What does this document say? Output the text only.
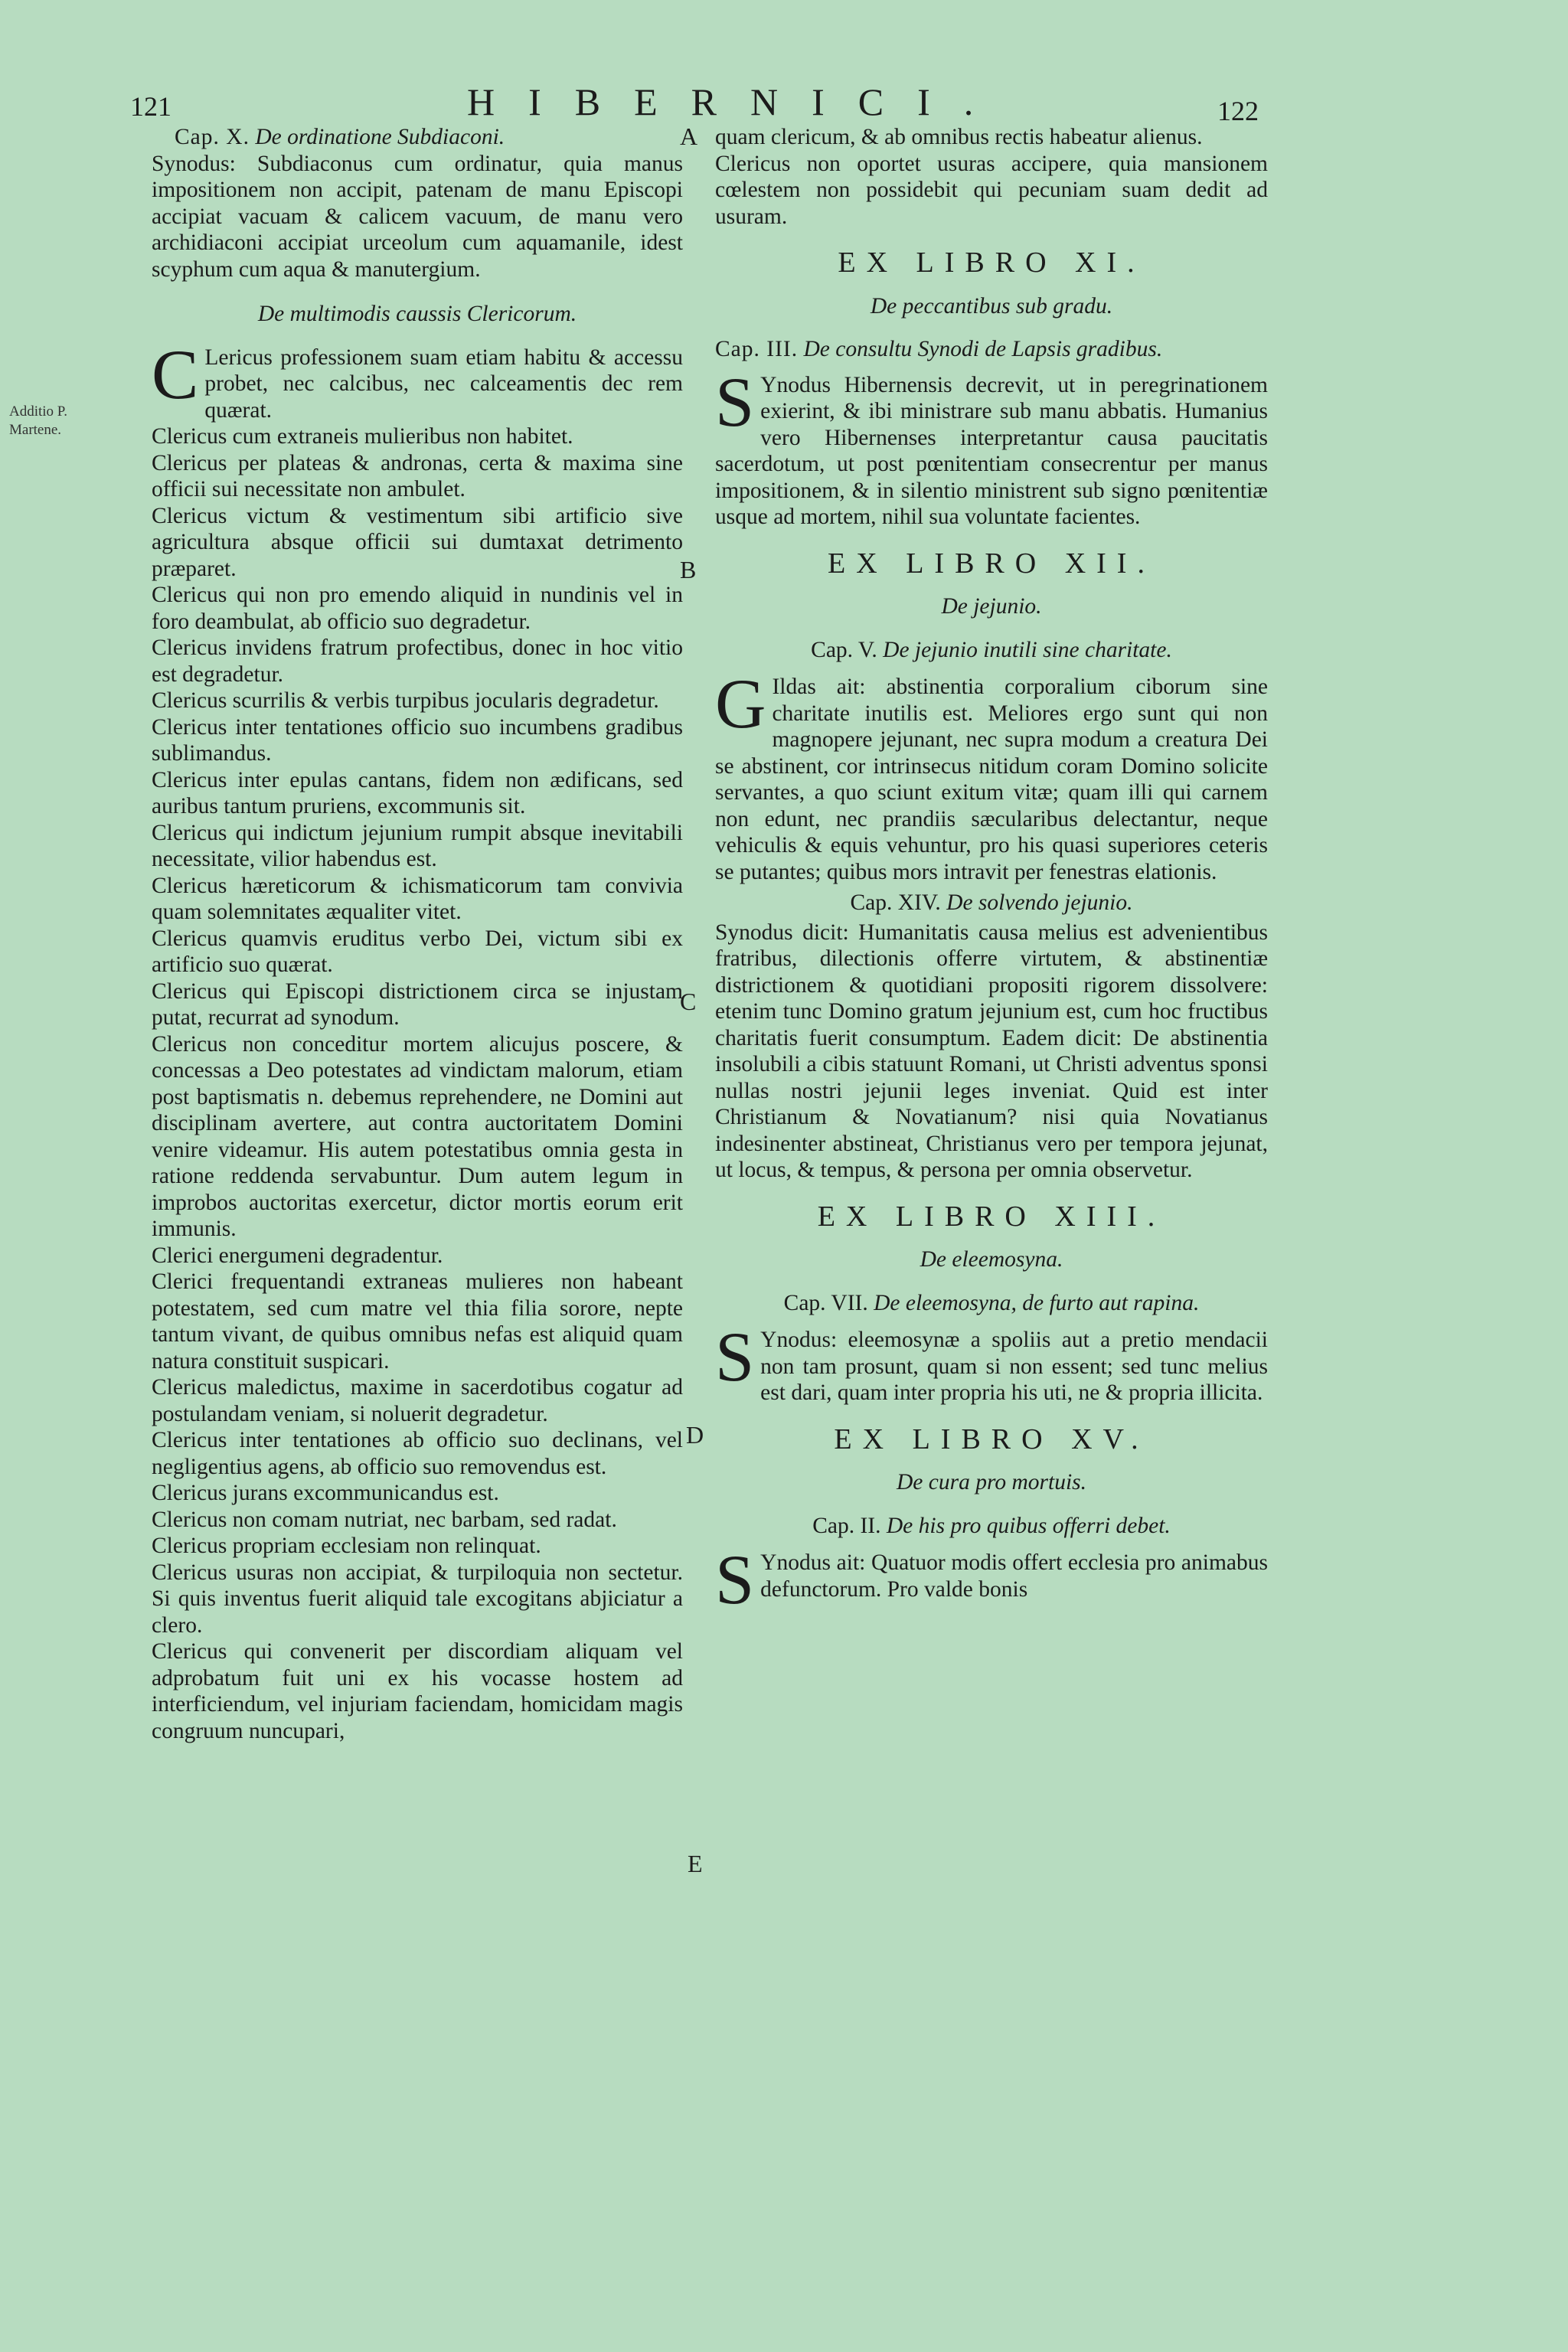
121	HIBERNICI.	122
Additio P. Martene.
A
B
C
D
E
Cap. X. De ordinatione Subdiaconi.

Synodus: Subdiaconus cum ordinatur, quia manus impositionem non accipit, patenam de manu Episcopi accipiat vacuam & calicem vacuum, de manu vero archidiaconi accipiat urceolum cum aquamanile, idest scyphum cum aqua & manutergium.

De multimodis caussis Clericorum.

C Lericus professionem suam etiam habitu & accessu probet, nec calcibus, nec calceamentis dec rem quærat.

Clericus cum extraneis mulieribus non habitet.

Clericus per plateas & andronas, certa & maxima sine officii sui necessitate non ambulet.

Clericus victum & vestimentum sibi artificio sive agricultura absque officii sui dumtaxat detrimento præparet.

Clericus qui non pro emendo aliquid in nundinis vel in foro deambulat, ab officio suo degradetur.

Clericus invidens fratrum profectibus, donec in hoc vitio est degradetur.

Clericus scurrilis & verbis turpibus jocularis degradetur.

Clericus inter tentationes officio suo incumbens gradibus sublimandus.

Clericus inter epulas cantans, fidem non ædificans, sed auribus tantum pruriens, excommunis sit.

Clericus qui indictum jejunium rumpit absque inevitabili necessitate, vilior habendus est.

Clericus hæreticorum & ichismaticorum tam convivia quam solemnitates æqualiter vitet.

Clericus quamvis eruditus verbo Dei, victum sibi ex artificio suo quærat.

Clericus qui Episcopi districtionem circa se injustam putat, recurrat ad synodum.

Clericus non conceditur mortem alicujus poscere, & concessas a Deo potestates ad vindictam malorum, etiam post baptismatis n. debemus reprehendere, ne Domini aut disciplinam avertere, aut contra auctoritatem Domini venire videamur. His autem potestatibus omnia gesta in ratione reddenda servabuntur. Dum autem legum in improbos auctoritas exercetur, dictor mortis eorum erit immunis.

Clerici energumeni degradentur.

Clerici frequentandi extraneas mulieres non habeant potestatem, sed cum matre vel thia filia sorore, nepte tantum vivant, de quibus omnibus nefas est aliquid quam natura constituit suspicari.

Clericus maledictus, maxime in sacerdotibus cogatur ad postulandam veniam, si noluerit degradetur.

Clericus inter tentationes ab officio suo declinans, vel negligentius agens, ab officio suo removendus est.

Clericus jurans excommunicandus est.

Clericus non comam nutriat, nec barbam, sed radat.

Clericus propriam ecclesiam non relinquat.

Clericus usuras non accipiat, & turpiloquia non sectetur. Si quis inventus fuerit aliquid tale excogitans abjiciatur a clero.

Clericus qui convenerit per discordiam aliquam vel adprobatum fuit uni ex his vocasse hostem ad interficiendum, vel injuriam faciendam, homicidam magis congruum nuncupari,

quam clericum, & ab omnibus rectis habeatur alienus.

Clericus non oportet usuras accipere, quia mansionem cœlestem non possidebit qui pecuniam suam dedit ad usuram.

EX LIBRO XI.
De peccantibus sub gradu.
Cap. III. De consultu Synodi de Lapsis gradibus.

S Ynodus Hibernensis decrevit, ut in peregrinationem exierint, & ibi ministrare sub manu abbatis. Humanius vero Hibernenses interpretantur causa paucitatis sacerdotum, ut post pœnitentiam consecrentur per manus impositionem, & in silentio ministrent sub signo pœnitentiæ usque ad mortem, nihil sua voluntate facientes.

EX LIBRO XII.
De jejunio.
Cap. V. De jejunio inutili sine charitate.

G Ildas ait: abstinentia corporalium ciborum sine charitate inutilis est. Meliores ergo sunt qui non magnopere jejunant, nec supra modum a creatura Dei se abstinent, cor intrinsecus nitidum coram Domino solicite servantes, a quo sciunt exitum vitæ; quam illi qui carnem non edunt, nec prandiis sæcularibus delectantur, neque vehiculis & equis vehuntur, pro his quasi superiores ceteris se putantes; quibus mors intravit per fenestras elationis.

Cap. XIV. De solvendo jejunio.

Synodus dicit: Humanitatis causa melius est advenientibus fratribus, dilectionis offerre virtutem, & abstinentiæ districtionem & quotidiani propositi rigorem dissolvere: etenim tunc Domino gratum jejunium est, cum hoc fructibus charitatis fuerit consumptum. Eadem dicit: De abstinentia insolubili a cibis statuunt Romani, ut Christi adventus sponsi nullas nostri jejunii leges inveniat. Quid est inter Christianum & Novatianum? nisi quia Novatianus indesinenter abstineat, Christianus vero per tempora jejunat, ut locus, & tempus, & persona per omnia observetur.

EX LIBRO XIII.
De eleemosyna.
Cap. VII. De eleemosyna, de furto aut rapina.

S Ynodus: eleemosynæ a spoliis aut a pretio mendacii non tam prosunt, quam si non essent; sed tunc melius est dari, quam inter propria his uti, ne & propria illicita.

EX LIBRO XV.
De cura pro mortuis.
Cap. II. De his pro quibus offerri debet.

S Ynodus ait: Quatuor modis offert ecclesia pro animabus defunctorum. Pro valde bonis
